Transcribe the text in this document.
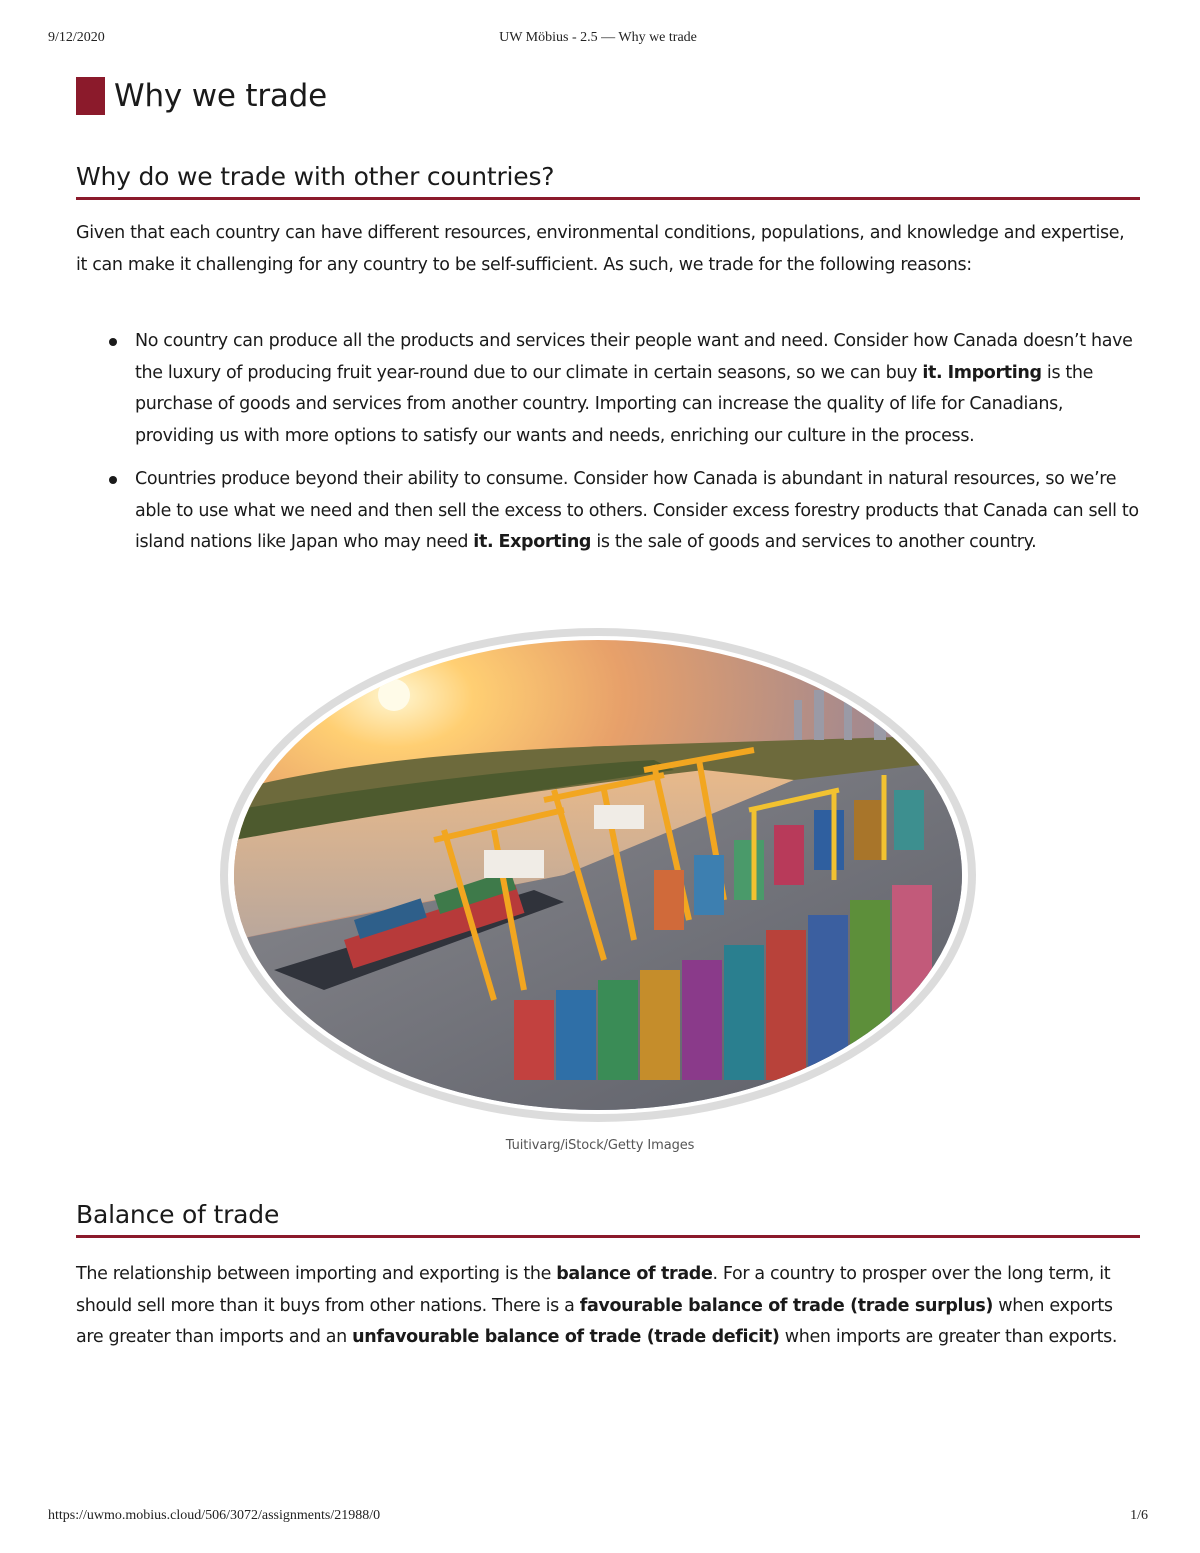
9/12/2020	UW Möbius - 2.5 — Why we trade
Why we trade
Why do we trade with other countries?

Given that each country can have different resources, environmental conditions, populations, and knowledge and expertise, it can make it challenging for any country to be self-sufficient. As such, we trade for the following reasons:

No country can produce all the products and services their people want and need. Consider how Canada doesn’t have the luxury of producing fruit year-round due to our climate in certain seasons, so we can buy it. Importing is the purchase of goods and services from another country. Importing can increase the quality of life for Canadians, providing us with more options to satisfy our wants and needs, enriching our culture in the process.
Countries produce beyond their ability to consume. Consider how Canada is abundant in natural resources, so we’re able to use what we need and then sell the excess to others. Consider excess forestry products that Canada can sell to island nations like Japan who may need it. Exporting is the sale of goods and services to another country.
Tuitivarg/iStock/Getty Images
Balance of trade

The relationship between importing and exporting is the balance of trade. For a country to prosper over the long term, it should sell more than it buys from other nations. There is a favourable balance of trade (trade surplus) when exports are greater than imports and an unfavourable balance of trade (trade deficit) when imports are greater than exports.

https://uwmo.mobius.cloud/506/3072/assignments/21988/0	1/6
